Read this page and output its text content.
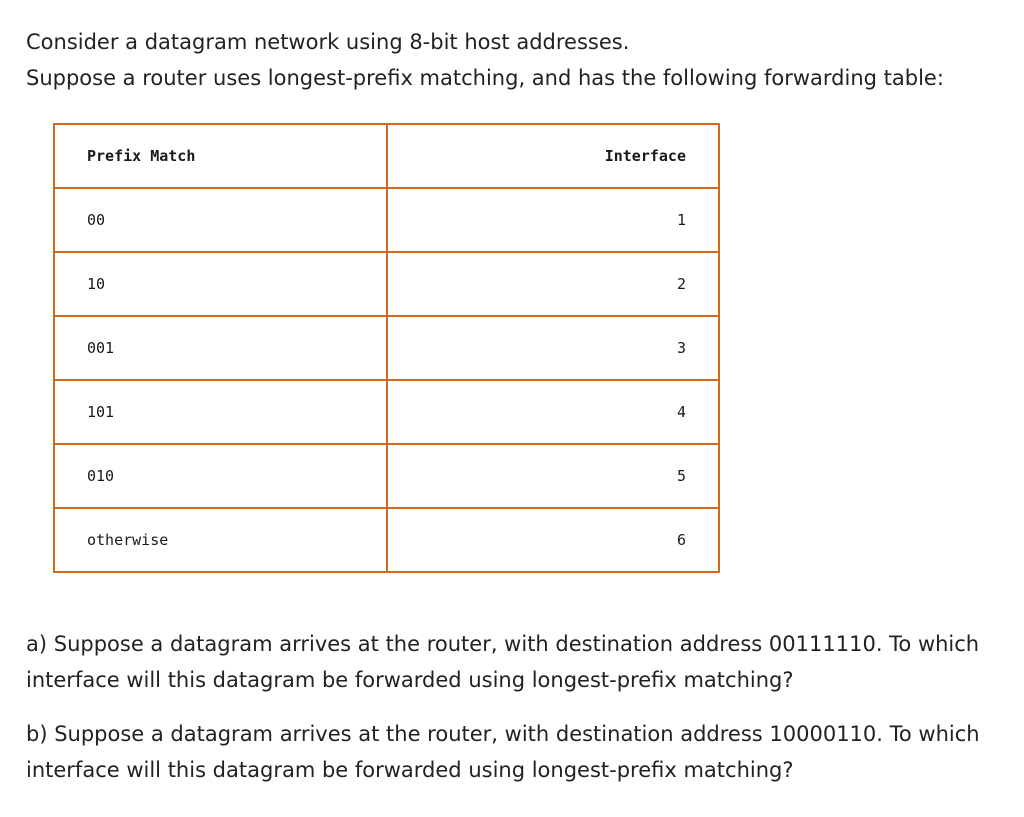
Consider a datagram network using 8-bit host addresses.

Suppose a router uses longest-prefix matching, and has the following forwarding table:

Prefix Match	Interface
00	1
10	2
001	3
101	4
010	5
otherwise	6

a) Suppose a datagram arrives at the router, with destination address 00111110. To which interface will this datagram be forwarded using longest-prefix matching?

b) Suppose a datagram arrives at the router, with destination address 10000110. To which interface will this datagram be forwarded using longest-prefix matching?
